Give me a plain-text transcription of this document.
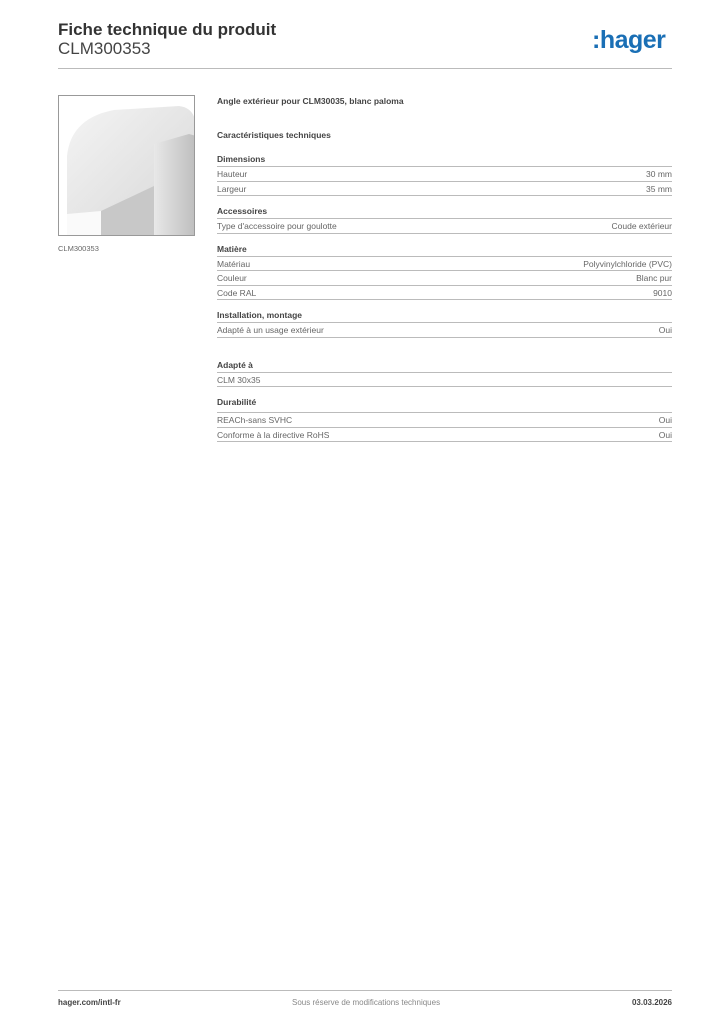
Fiche technique du produit
CLM300353	:hager
CLM300353
Angle extérieur pour CLM30035, blanc paloma
Caractéristiques techniques
Dimensions
Hauteur	30 mm
Largeur	35 mm
Accessoires
Type d'accessoire pour goulotte	Coude extérieur
Matière
Matériau	Polyvinylchloride (PVC)
Couleur	Blanc pur
Code RAL	9010
Installation, montage
Adapté à un usage extérieur	Oui
Adapté à
CLM 30x35
Durabilité
REACh-sans SVHC	Oui
Conforme à la directive RoHS	Oui
hager.com/intl-fr	Sous réserve de modifications techniques	03.03.2026
